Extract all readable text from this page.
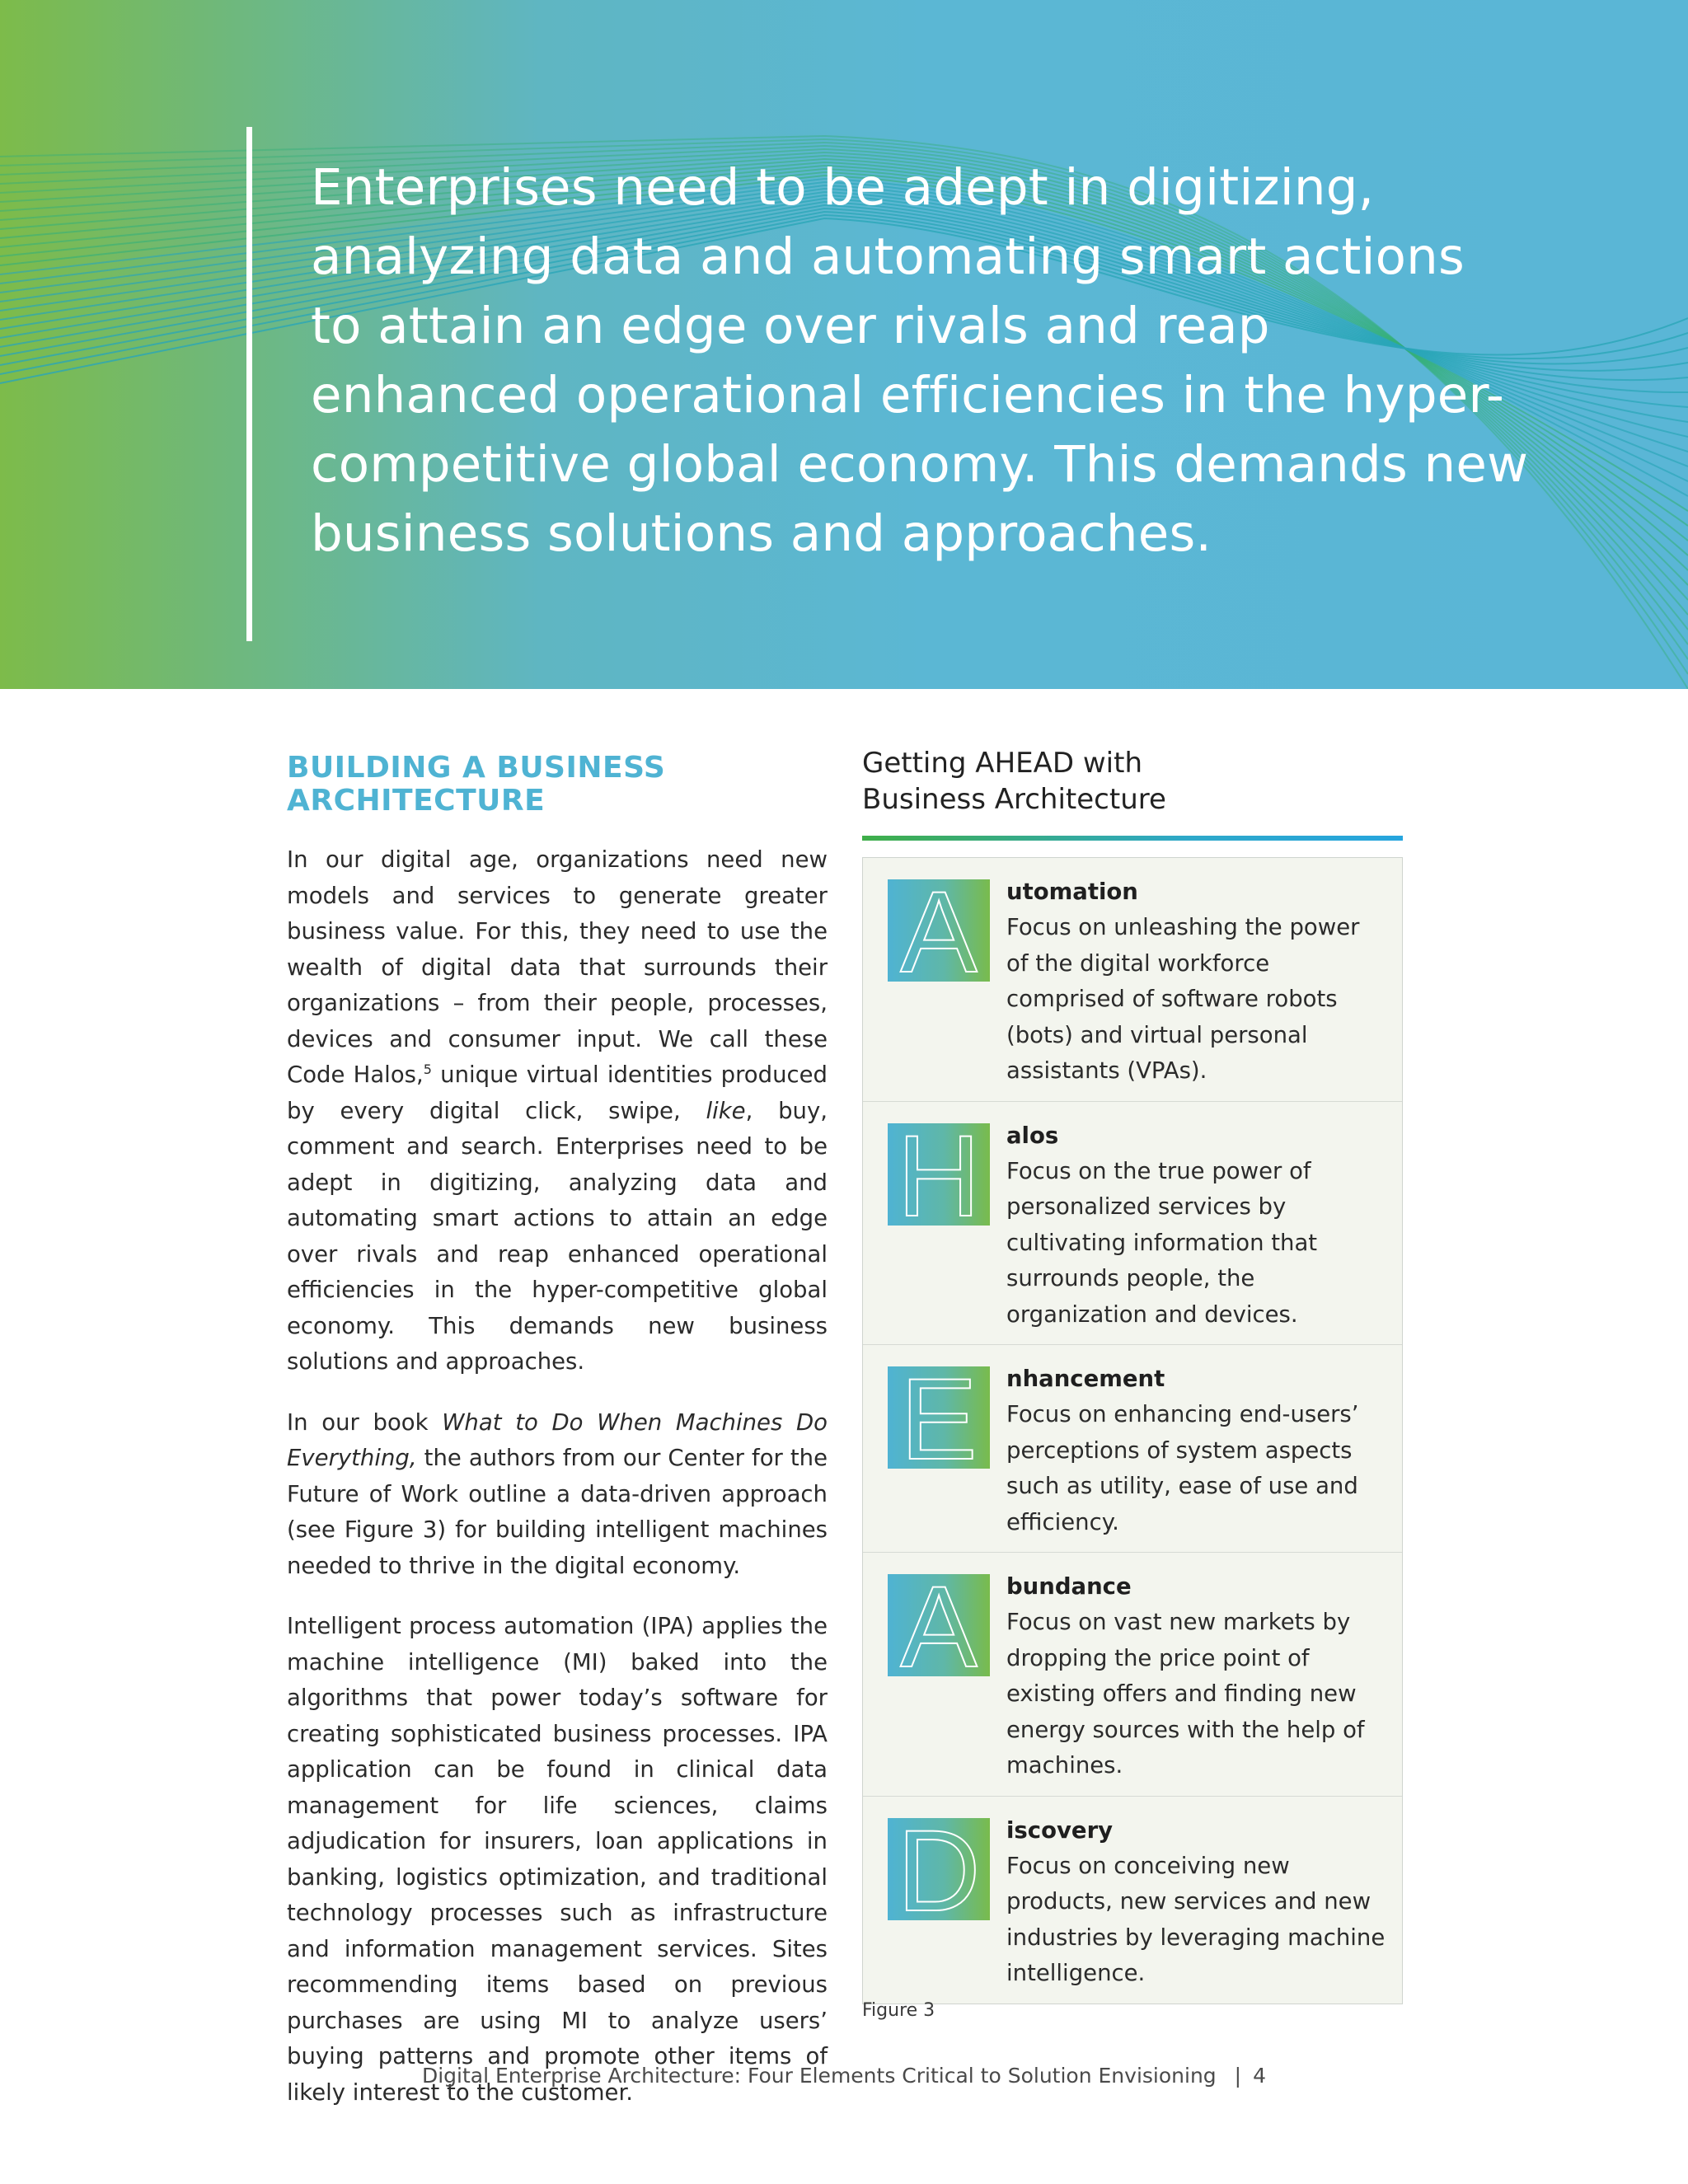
Enterprises need to be adept in digitizing, analyzing data and automating smart actions to attain an edge over rivals and reap enhanced operational efficiencies in the hyper-competitive global economy. This demands new business solutions and approaches.

BUILDING A BUSINESS ARCHITECTURE

In our digital age, organizations need new models and services to generate greater business value. For this, they need to use the wealth of digital data that surrounds their organizations – from their people, processes, devices and consumer input. We call these Code Halos,$^5$ unique virtual identities produced by every digital click, swipe, like, buy, comment and search. Enterprises need to be adept in digitizing, analyzing data and automating smart actions to attain an edge over rivals and reap enhanced operational efficiencies in the hyper-competitive global economy. This demands new business solutions and approaches.

In our book What to Do When Machines Do Everything, the authors from our Center for the Future of Work outline a data-driven approach (see Figure 3) for building intelligent machines needed to thrive in the digital economy.

Intelligent process automation (IPA) applies the machine intelligence (MI) baked into the algorithms that power today’s software for creating sophisticated business processes. IPA application can be found in clinical data management for life sciences, claims adjudication for insurers, loan applications in banking, logistics optimization, and traditional technology processes such as infrastructure and information management services. Sites recommending items based on previous purchases are using MI to analyze users’ buying patterns and promote other items of likely interest to the customer.

Getting AHEAD with
Business Architecture
A utomation
Focus on unleashing the power of the digital workforce comprised of software robots (bots) and virtual personal assistants (VPAs).
H alos
Focus on the true power of personalized services by cultivating information that surrounds people, the organization and devices.
E nhancement
Focus on enhancing end-users’ perceptions of system aspects such as utility, ease of use and efficiency.
A bundance
Focus on vast new markets by dropping the price point of existing offers and finding new energy sources with the help of machines.
D iscovery
Focus on conceiving new products, new services and new industries by leveraging machine intelligence.
Figure 3
Digital Enterprise Architecture: Four Elements Critical to Solution Envisioning | 4
